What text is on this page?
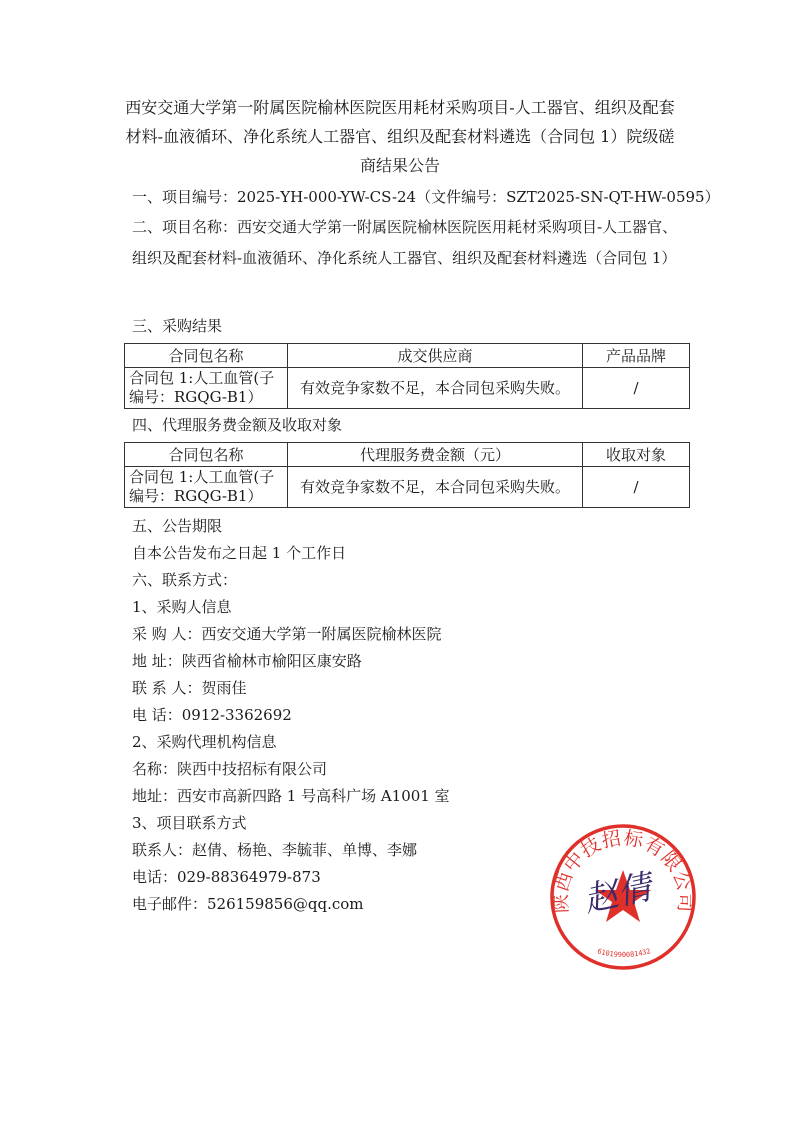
西安交通大学第一附属医院榆林医院医用耗材采购项目-人工器官、组织及配套
材料-血液循环、净化系统人工器官、组织及配套材料遴选（合同包 1）院级磋
商结果公告
一、项目编号：2025-YH-000-YW-CS-24（文件编号：SZT2025-SN-QT-HW-0595）
二、项目名称：西安交通大学第一附属医院榆林医院医用耗材采购项目-人工器官、组织及配套材料-血液循环、净化系统人工器官、组织及配套材料遴选（合同包 1）
三、采购结果
合同包名称	成交供应商	产品品牌
合同包 1:人工血管(子编号：RGQG-B1）	有效竞争家数不足，本合同包采购失败。	/
四、代理服务费金额及收取对象
合同包名称	代理服务费金额（元）	收取对象
合同包 1:人工血管(子编号：RGQG-B1）	有效竞争家数不足，本合同包采购失败。	/
五、公告期限
自本公告发布之日起 1 个工作日
六、联系方式：
1、采购人信息
采 购 人：西安交通大学第一附属医院榆林医院
地 址：陕西省榆林市榆阳区康安路
联 系 人：贺雨佳
电 话：0912-3362692
2、采购代理机构信息
名称：陕西中技招标有限公司
地址：西安市高新四路 1 号高科广场 A1001 室
3、项目联系方式
联系人：赵倩、杨艳、李毓菲、单博、李娜
电话：029-88364979-873
电子邮件：526159856@qq.com	陕西中技招标有限公司
6101990081432
赵倩
